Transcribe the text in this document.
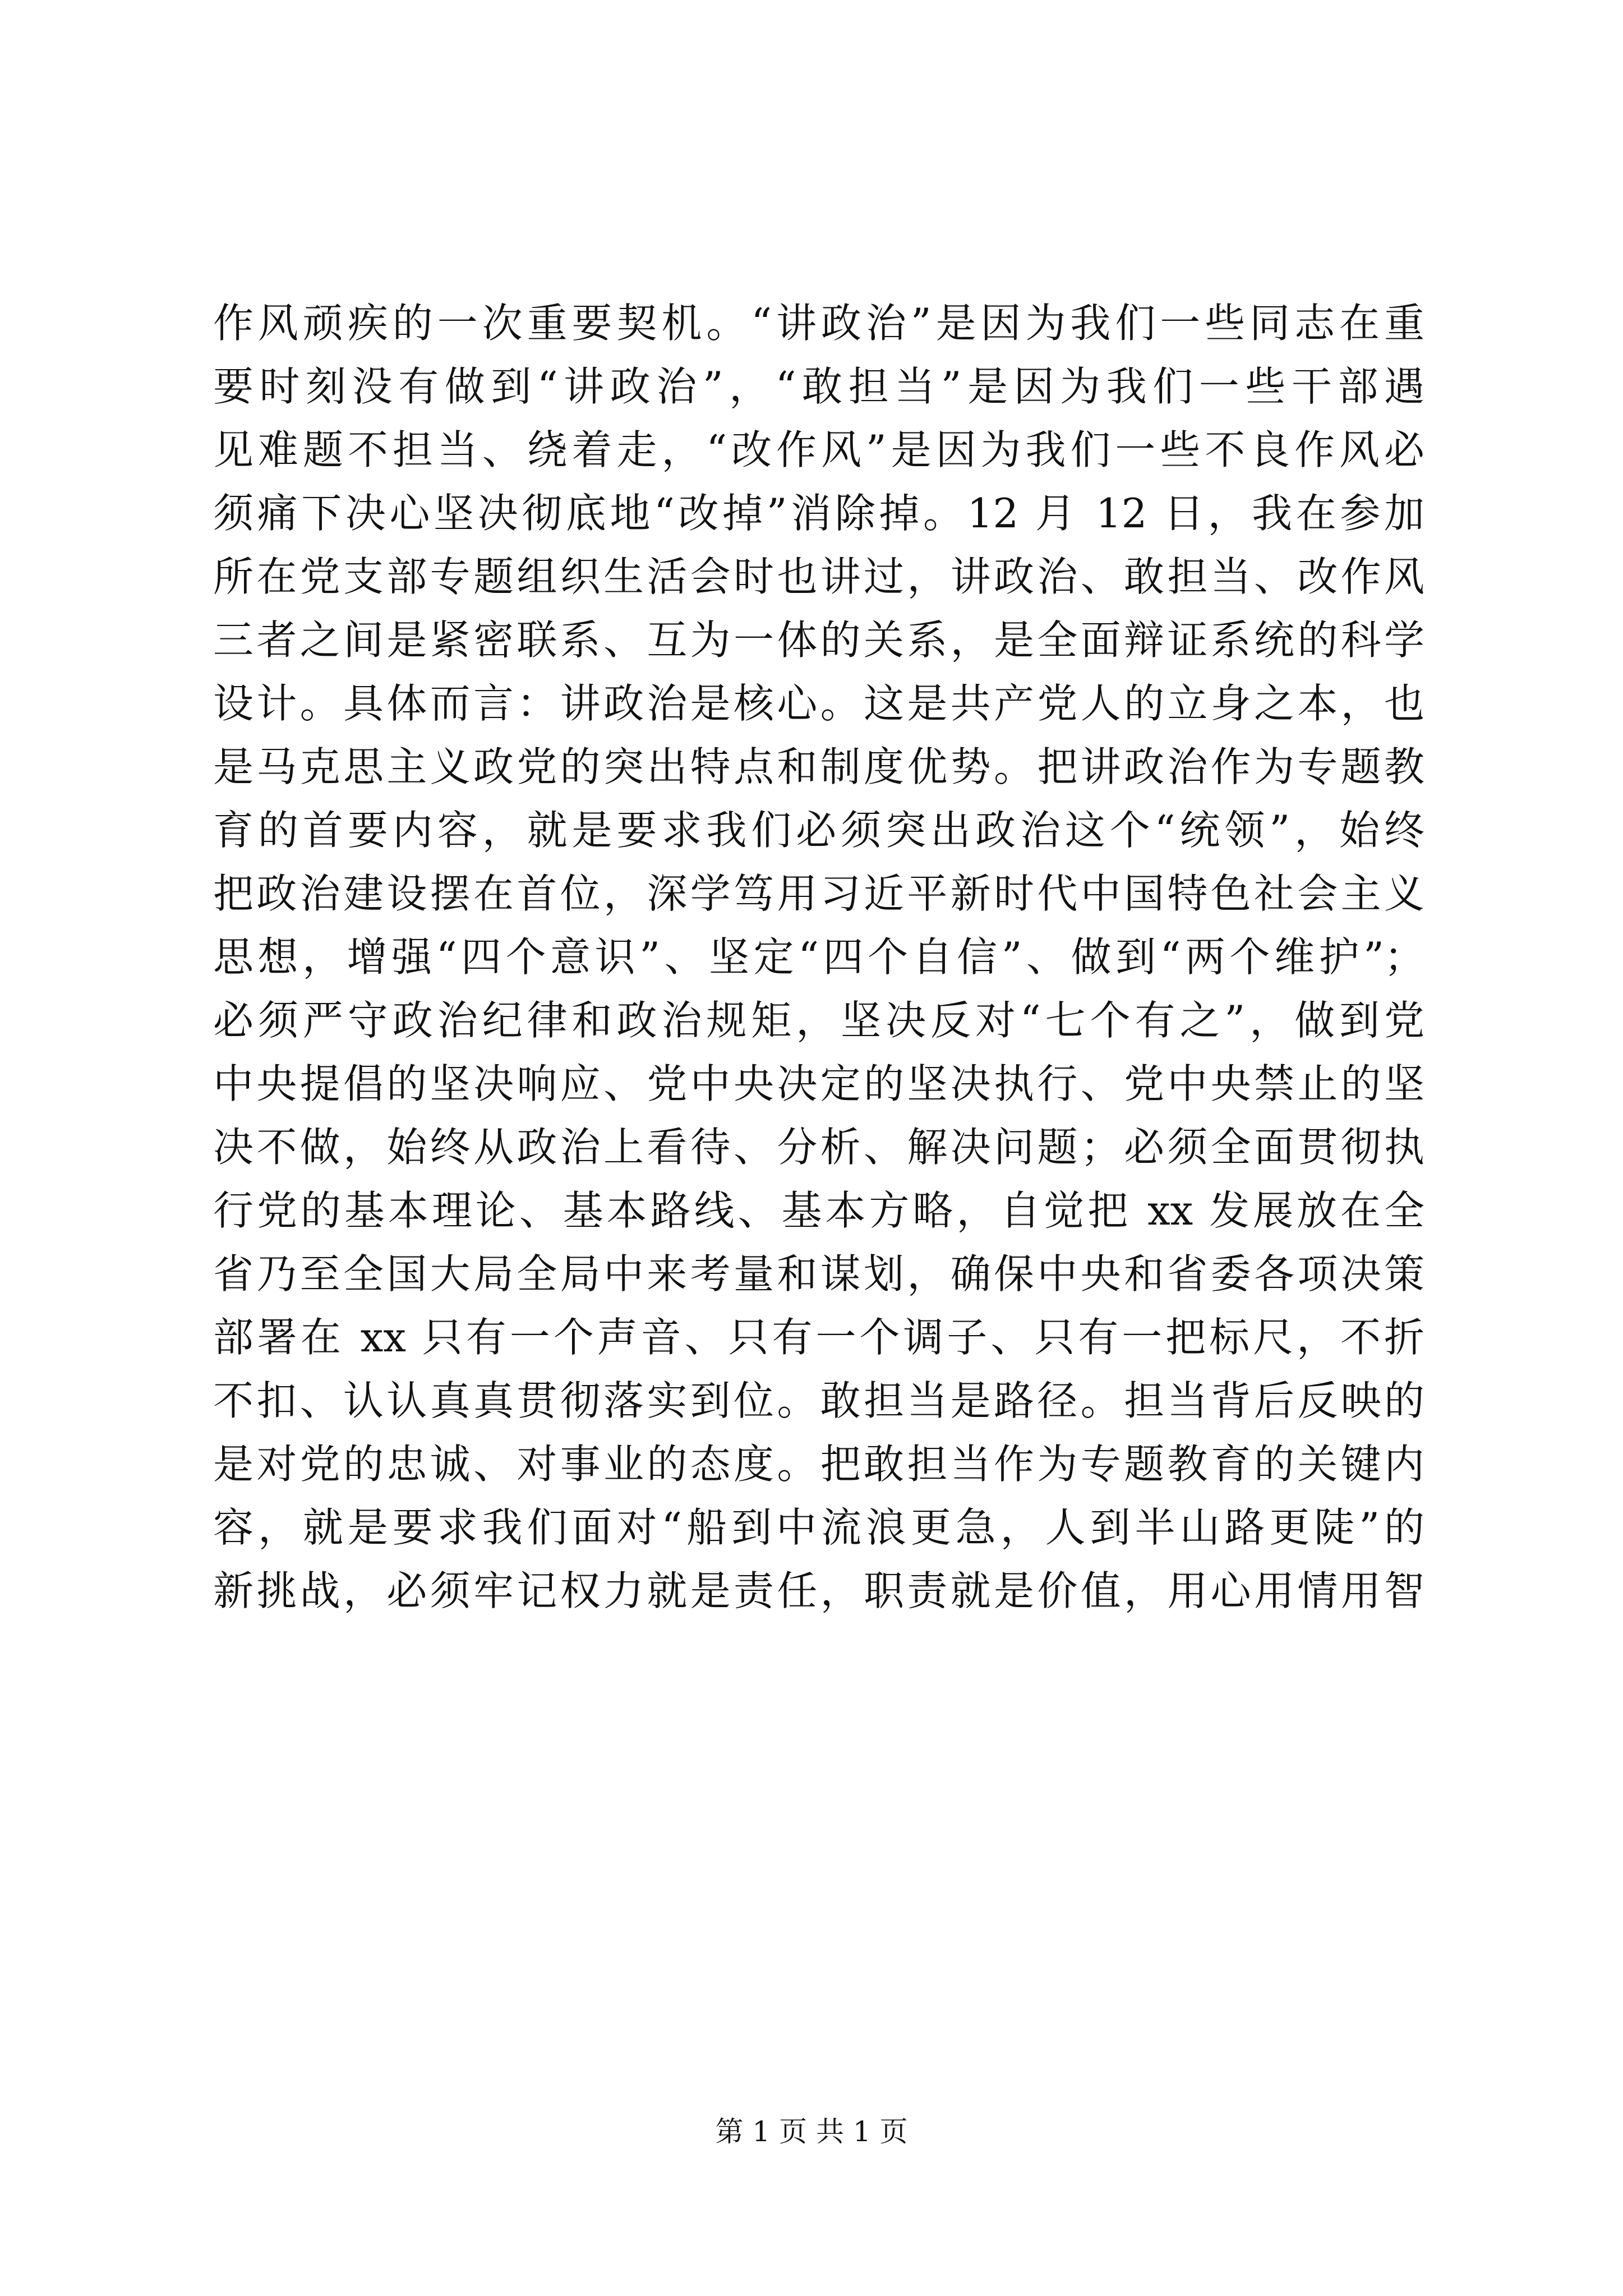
作风顽疾的一次重要契机。“讲政治”是因为我们一些同志在重
要时刻没有做到“讲政治”，“敢担当”是因为我们一些干部遇
见难题不担当、绕着走，“改作风”是因为我们一些不良作风必
须痛下决心坚决彻底地“改掉”消除掉。12 月 12 日，我在参加
所在党支部专题组织生活会时也讲过，讲政治、敢担当、改作风
三者之间是紧密联系、互为一体的关系，是全面辩证系统的科学
设计。具体而言：讲政治是核心。这是共产党人的立身之本，也
是马克思主义政党的突出特点和制度优势。把讲政治作为专题教
育的首要内容，就是要求我们必须突出政治这个“统领”，始终
把政治建设摆在首位，深学笃用习近平新时代中国特色社会主义
思想，增强“四个意识”、坚定“四个自信”、做到“两个维护”；
必须严守政治纪律和政治规矩，坚决反对“七个有之”，做到党
中央提倡的坚决响应、党中央决定的坚决执行、党中央禁止的坚
决不做，始终从政治上看待、分析、解决问题；必须全面贯彻执
行党的基本理论、基本路线、基本方略，自觉把 xx 发展放在全
省乃至全国大局全局中来考量和谋划，确保中央和省委各项决策
部署在 xx 只有一个声音、只有一个调子、只有一把标尺，不折
不扣、认认真真贯彻落实到位。敢担当是路径。担当背后反映的
是对党的忠诚、对事业的态度。把敢担当作为专题教育的关键内
容，就是要求我们面对“船到中流浪更急，人到半山路更陡”的
新挑战，必须牢记权力就是责任，职责就是价值，用心用情用智
第 1 页 共 1 页
